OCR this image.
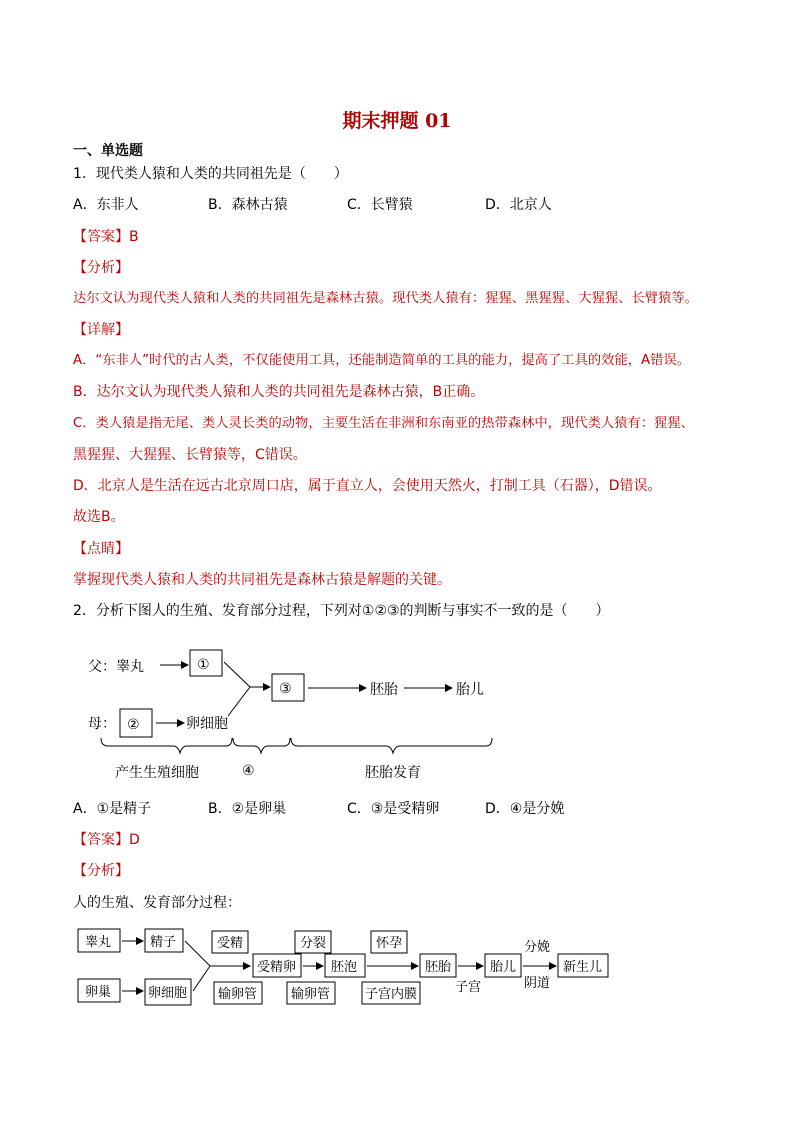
期末押题 01
一、单选题
1．现代类人猿和人类的共同祖先是（　　）
A．东非人	B．森林古猿	C．长臂猿	D．北京人
【答案】B
【分析】
达尔文认为现代类人猿和人类的共同祖先是森林古猿。现代类人猿有：猩猩、黑猩猩、大猩猩、长臂猿等。
【详解】
A．“东非人”时代的古人类，不仅能使用工具，还能制造简单的工具的能力，提高了工具的效能，A错误。
B．达尔文认为现代类人猿和人类的共同祖先是森林古猿，B正确。
C．类人猿是指无尾、类人灵长类的动物，主要生活在非洲和东南亚的热带森林中，现代类人猿有：猩猩、
黑猩猩、大猩猩、长臂猿等，C错误。
D．北京人是生活在远古北京周口店，属于直立人，会使用天然火，打制工具（石器），D错误。
故选B。
【点睛】
掌握现代类人猿和人类的共同祖先是森林古猿是解题的关键。
2．分析下图人的生殖、发育部分过程，下列对①②③的判断与事实不一致的是（　　）
父：睾丸	①
母： ②	卵细胞
③	胚胎	胎儿
产生生殖细胞	④	胚胎发育
A．①是精子	B．②是卵巢	C．③是受精卵	D．④是分娩
【答案】D
【分析】
人的生殖、发育部分过程：
睾丸	精子
卵巢	卵细胞
受精
输卵管
受精卵
分裂
输卵管
胚泡
怀孕
子宫内膜
胚胎
子宫
胎儿
分娩
阴道
新生儿
